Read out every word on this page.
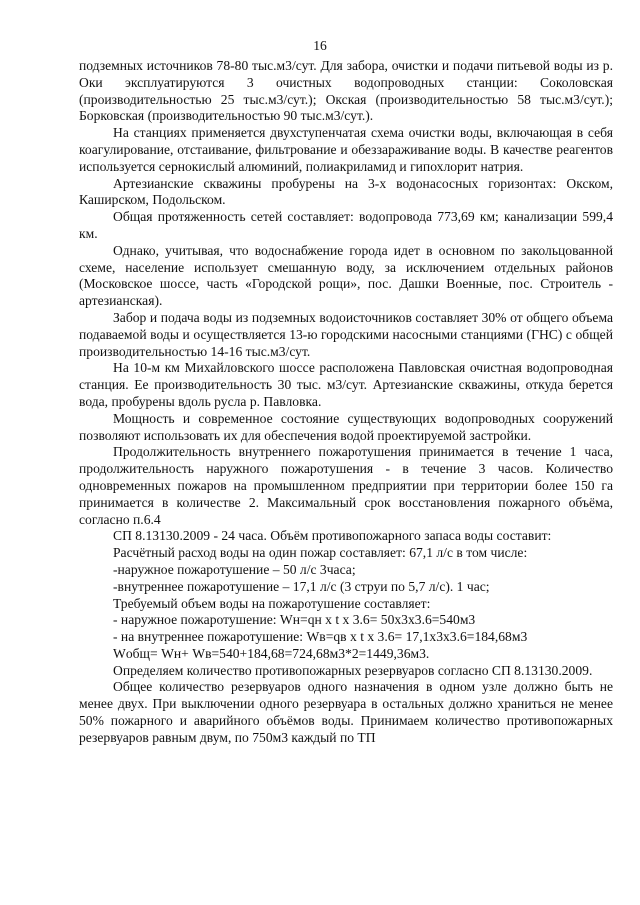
16

подземных источников 78-80 тыс.м3/сут. Для забора, очистки и подачи питьевой воды из р. Оки эксплуатируются 3 очистных водопроводных станции: Соколовская (производительностью 25 тыс.м3/сут.); Окская (производительностью 58 тыс.м3/сут.); Борковская (производительностью 90 тыс.м3/сут.).

На станциях применяется двухступенчатая схема очистки воды, включающая в себя коагулирование, отстаивание, фильтрование и обеззараживание воды. В качестве реагентов используется сернокислый алюминий, полиакриламид и гипохлорит натрия.

Артезианские скважины пробурены на 3-х водонасосных горизонтах: Окском, Каширском, Подольском.

Общая протяженность сетей составляет: водопровода 773,69 км; канализации 599,4 км.

Однако, учитывая, что водоснабжение города идет в основном по закольцованной схеме, население использует смешанную воду, за исключением отдельных районов (Московское шоссе, часть «Городской рощи», пос. Дашки Военные, пос. Строитель - артезианская).

Забор и подача воды из подземных водоисточников составляет 30% от общего объема подаваемой воды и осуществляется 13-ю городскими насосными станциями (ГНС) с общей производительностью 14-16 тыс.м3/сут.

На 10-м км Михайловского шоссе расположена Павловская очистная водопроводная станция. Ее производительность 30 тыс. м3/сут. Артезианские скважины, откуда берется вода, пробурены вдоль русла р. Павловка.

Мощность и современное состояние существующих водопроводных сооружений позволяют использовать их для обеспечения водой проектируемой застройки.

Продолжительность внутреннего пожаротушения принимается в течение 1 часа, продолжительность наружного пожаротушения - в течение 3 часов. Количество одновременных пожаров на промышленном предприятии при территории более 150 га принимается в количестве 2. Максимальный срок восстановления пожарного объёма, согласно п.6.4

СП 8.13130.2009 - 24 часа. Объём противопожарного запаса воды составит:

Расчётный расход воды на один пожар составляет: 67,1 л/с в том числе:

-наружное пожаротушение – 50 л/с 3часа;

-внутреннее пожаротушение – 17,1 л/с (3 струи по 5,7 л/с). 1 час;

Требуемый объем воды на пожаротушение составляет:

- наружное пожаротушение: Wн=qн x t x 3.6= 50х3х3.6=540м3

- на внутреннее пожаротушение: Wв=qв x t x 3.6= 17,1х3х3.6=184,68м3

Wобщ= Wн+ Wв=540+184,68=724,68м3*2=1449,36м3.

Определяем количество противопожарных резервуаров согласно СП 8.13130.2009.

Общее количество резервуаров одного назначения в одном узле должно быть не менее двух. При выключении одного резервуара в остальных должно храниться не менее 50% пожарного и аварийного объёмов воды. Принимаем количество противопожарных резервуаров равным двум, по 750м3 каждый по ТП
